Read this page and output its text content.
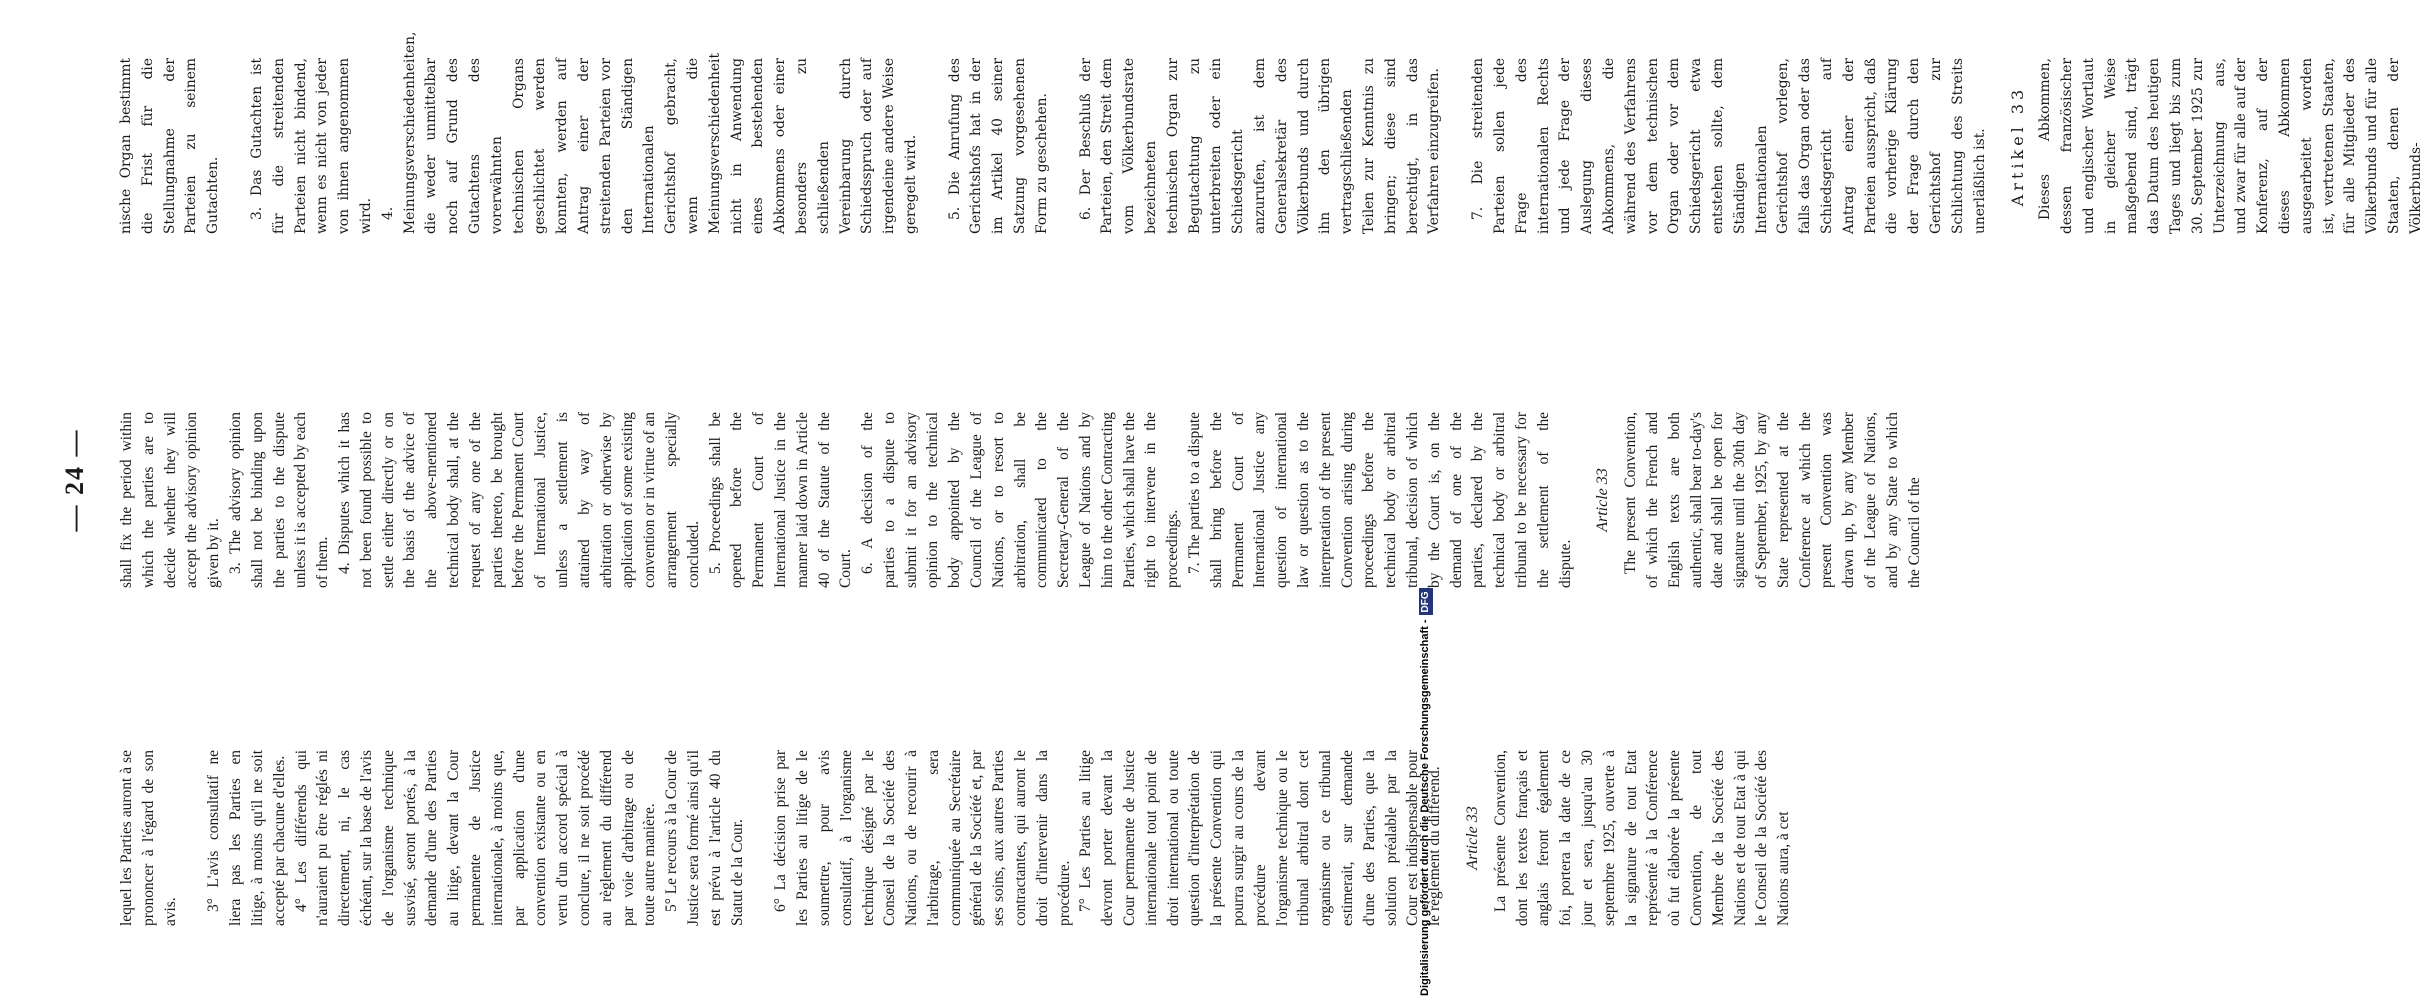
— 24 —

lequel les Parties auront à se prononcer à l'égard de son avis. 3° L'avis consultatif ne liera pas les Parties en litige, à moins qu'il ne soit accepté par chacune d'elles. 4° Les différends qui n'auraient pu être réglés ni directement, ni, le cas échéant, sur la base de l'avis de l'organisme technique susvisé, seront portés, à la demande d'une des Parties au litige, devant la Cour permanente de Justice internationale, à moins que, par application d'une convention existante ou en vertu d'un accord spécial à conclure, il ne soit procédé au règlement du différend par voie d'arbitrage ou de toute autre manière. 5° Le recours à la Cour de Justice sera formé ainsi qu'il est prévu à l'article 40 du Statut de la Cour. 6° La décision prise par les Parties au litige de le soumettre, pour avis consultatif, à l'organisme technique désigné par le Conseil de la Société des Nations, ou de recourir à l'arbitrage, sera communiquée au Secrétaire général de la Société et, par ses soins, aux autres Parties contractantes, qui auront le droit d'intervenir dans la procédure. 7° Les Parties au litige devront porter devant la Cour permanente de Justice internationale tout point de droit international ou toute question d'interprétation de la présente Convention qui pourra surgir au cours de la procédure devant l'organisme technique ou le tribunal arbitral dont cet organisme ou ce tribunal estimerait, sur demande d'une des Parties, que la solution préalable par la Cour est indispensable pour le règlement du différend. Article 33 La présente Convention, dont les textes français et anglais feront également foi, portera la date de ce jour et sera, jusqu'au 30 septembre 1925, ouverte à la signature de tout Etat représenté à la Conférence où fut élaborée la présente Convention, de tout Membre de la Société des Nations et de tout Etat à qui le Conseil de la Société des Nations aura, à cet

shall fix the period within which the parties are to decide whether they will accept the advisory opinion given by it. 3. The advisory opinion shall not be binding upon the parties to the dispute unless it is accepted by each of them. 4. Disputes which it has not been found possible to settle either directly or on the basis of the advice of the above-mentioned technical body shall, at the request of any one of the parties thereto, be brought before the Permanent Court of International Justice, unless a settlement is attained by way of arbitration or otherwise by application of some existing convention or in virtue of an arrangement specially concluded. 5. Proceedings shall be opened before the Permanent Court of International Justice in the manner laid down in Article 40 of the Statute of the Court. 6. A decision of the parties to a dispute to submit it for an advisory opinion to the technical body appointed by the Council of the League of Nations, or to resort to arbitration, shall be communicated to the Secretary-General of the League of Nations and by him to the other Contracting Parties, which shall have the right to intervene in the proceedings. 7. The parties to a dispute shall bring before the Permanent Court of International Justice any question of international law or question as to the interpretation of the present Convention arising during proceedings before the technical body or arbitral tribunal, decision of which by the Court is, on the demand of one of the parties, declared by the technical body or arbitral tribunal to be necessary for the settlement of the dispute.

Article 33 The present Convention, of which the French and English texts are both authentic, shall bear to-day's date and shall be open for signature until the 30th day of September, 1925, by any State represented at the Conference at which the present Convention was drawn up, by any Member of the League of Nations, and by any State to which the Council of the

nische Organ bestimmt die Frist für die Stellungnahme der Parteien zu seinem Gutachten. 3. Das Gutachten ist für die streitenden Parteien nicht bindend, wenn es nicht von jeder von ihnen angenommen wird. 4. Meinungsverschiedenheiten, die weder unmittelbar noch auf Grund des Gutachtens des vorerwähnten technischen Organs geschlichtet werden konnten, werden auf Antrag einer der streitenden Parteien vor den Ständigen Internationalen Gerichtshof gebracht, wenn die Meinungsverschiedenheit nicht in Anwendung eines bestehenden Abkommens oder einer besonders zu schließenden Vereinbarung durch Schiedsspruch oder auf irgendeine andere Weise geregelt wird. 5. Die Anrufung des Gerichtshofs hat in der im Artikel 40 seiner Satzung vorgesehenen Form zu geschehen. 6. Der Beschluß der Parteien, den Streit dem vom Völkerbundsrate bezeichneten technischen Organ zur Begutachtung zu unterbreiten oder ein Schiedsgericht anzurufen, ist dem Generalsekretär des Völkerbunds und durch ihn den übrigen vertragschließenden Teilen zur Kenntnis zu bringen; diese sind berechtigt, in das Verfahren einzugreifen. 7. Die streitenden Parteien sollen jede Frage des internationalen Rechts und jede Frage der Auslegung dieses Abkommens, die während des Verfahrens vor dem technischen Organ oder vor dem Schiedsgericht etwa entstehen sollte, dem Ständigen Internationalen Gerichtshof vorlegen, falls das Organ oder das Schiedsgericht auf Antrag einer der Parteien ausspricht, daß die vorherige Klärung der Frage durch den Gerichtshof zur Schlichtung des Streits unerläßlich ist. Artikel 33 Dieses Abkommen, dessen französischer und englischer Wortlaut in gleicher Weise maßgebend sind, trägt das Datum des heutigen Tages und liegt bis zum 30. September 1925 zur Unterzeichnung aus, und zwar für alle auf der Konferenz, auf der dieses Abkommen ausgearbeitet worden ist, vertretenen Staaten, für alle Mitglieder des Völkerbunds und für alle Staaten, denen der Völkerbunds-

Digitalisierung gefördert durch die Deutsche Forschungsgemeinschaft -DFG
